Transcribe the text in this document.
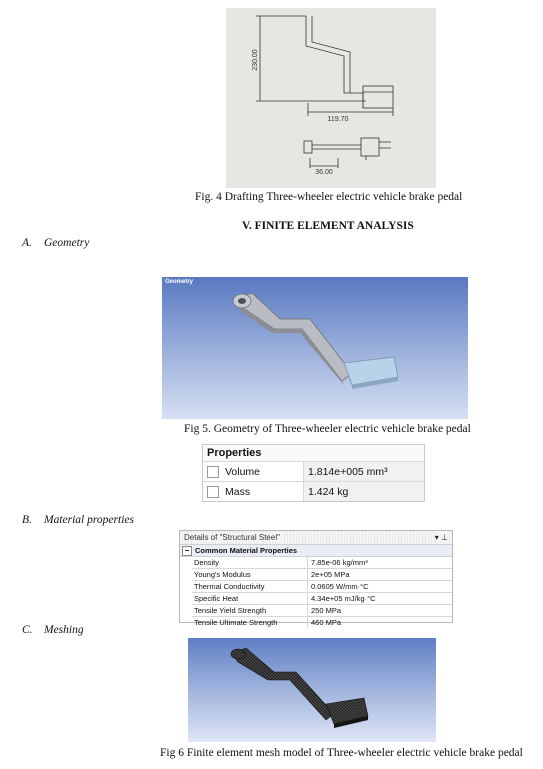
230.00
119.70
36.00
Fig. 4 Drafting Three-wheeler electric vehicle brake pedal
V. FINITE ELEMENT ANALYSIS
A. Geometry
Geometry
Fig 5. Geometry of Three-wheeler electric vehicle brake pedal
Properties
Volume	1.814e+005 mm³
Mass	1.424 kg
B. Material properties
Details of "Structural Steel"	▾ ⊥
− Common Material Properties
Density	7.85e-06 kg/mm³
Young's Modulus	2e+05 MPa
Thermal Conductivity	0.0605 W/mm·°C
Specific Heat	4.34e+05 mJ/kg·°C
Tensile Yield Strength	250 MPa
Tensile Ultimate Strength	460 MPa
C. Meshing
Fig 6 Finite element mesh model of Three-wheeler electric vehicle brake pedal
